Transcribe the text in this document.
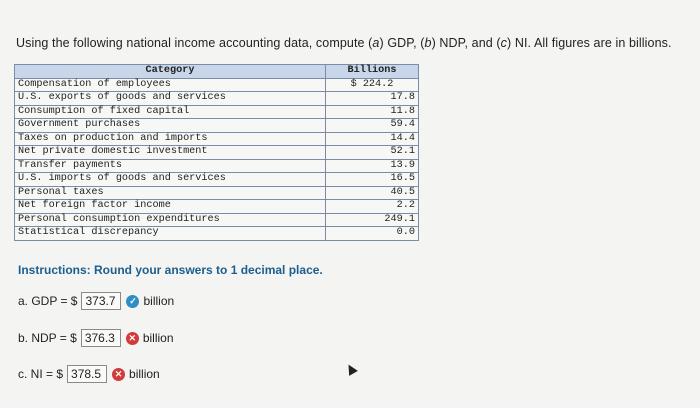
Using the following national income accounting data, compute (a) GDP, (b) NDP, and (c) NI. All figures are in billions.
Category	Billions
Compensation of employees	$ 224.2
U.S. exports of goods and services	17.8
Consumption of fixed capital	11.8
Government purchases	59.4
Taxes on production and imports	14.4
Net private domestic investment	52.1
Transfer payments	13.9
U.S. imports of goods and services	16.5
Personal taxes	40.5
Net foreign factor income	2.2
Personal consumption expenditures	249.1
Statistical discrepancy	0.0
Instructions: Round your answers to 1 decimal place.
a. GDP = $ 373.7	✓ billion
b. NDP = $ 376.3	✕ billion
c. NI = $ 378.5	✕ billion
